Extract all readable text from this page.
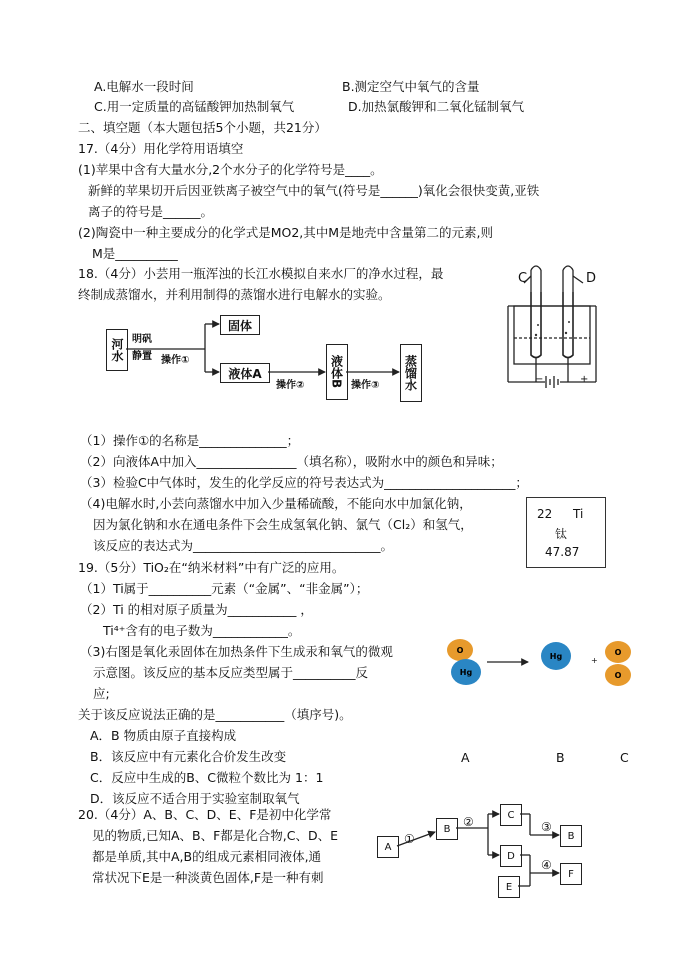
A.电解水一段时间	B.测定空气中氧气的含量
C.用一定质量的高锰酸钾加热制氧气	D.加热氯酸钾和二氧化锰制氧气
二、填空题（本大题包括5个小题，共21分）
17.（4分）用化学符用语填空
(1)苹果中含有大量水分,2个水分子的化学符号是____。
新鲜的苹果切开后因亚铁离子被空气中的氧气(符号是______)氧化会很快变黄,亚铁
离子的符号是______。
(2)陶瓷中一种主要成分的化学式是MO2,其中M是地壳中含量第二的元素,则
M是__________
18.（4分）小芸用一瓶浑浊的长江水模拟自来水厂的净水过程，最
终制成蒸馏水，并利用制得的蒸馏水进行电解水的实验。
河水 明矾
静置 操作①
固体
液体A
操作② 液体B 操作③ 蒸馏水
C	D
−	+
（1）操作①的名称是______________；
（2）向液体A中加入________________（填名称），吸附水中的颜色和异味；
（3）检验C中气体时，发生的化学反应的符号表达式为_____________________；
（4)电解水时,小芸向蒸馏水中加入少量稀硫酸，不能向水中加氯化钠，
因为氯化钠和水在通电条件下会生成氢氧化钠、氯气（Cl₂）和氢气，
该反应的表达式为______________________________。
22 Ti
钛
47.87
19.（5分）TiO₂在“纳米材料”中有广泛的应用。
（1）Ti属于__________元素（“金属”、“非金属”）；
（2）Ti 的相对原子质量为___________ ，
Ti⁴⁺含有的电子数为____________。
（3)右图是氧化汞固体在加热条件下生成汞和氧气的微观
示意图。该反应的基本反应类型属于__________反
应;
关于该反应说法正确的是___________（填序号)。
A．B 物质由原子直接构成
B．该反应中有元素化合价发生改变
C．反应中生成的B、C微粒个数比为 1：1
D．该反应不适合用于实验室制取氧气
O
Hg
Hg	+
O
O
A	B	C
20.（4分）A、B、C、D、E、F是初中化学常
见的物质,已知A、B、F都是化合物,C、D、E
都是单质,其中A,B的组成元素相同液体,通
常状况下E是一种淡黄色固体,F是一种有刺
A
①
B	②	C
D
③
B
④
E
F
